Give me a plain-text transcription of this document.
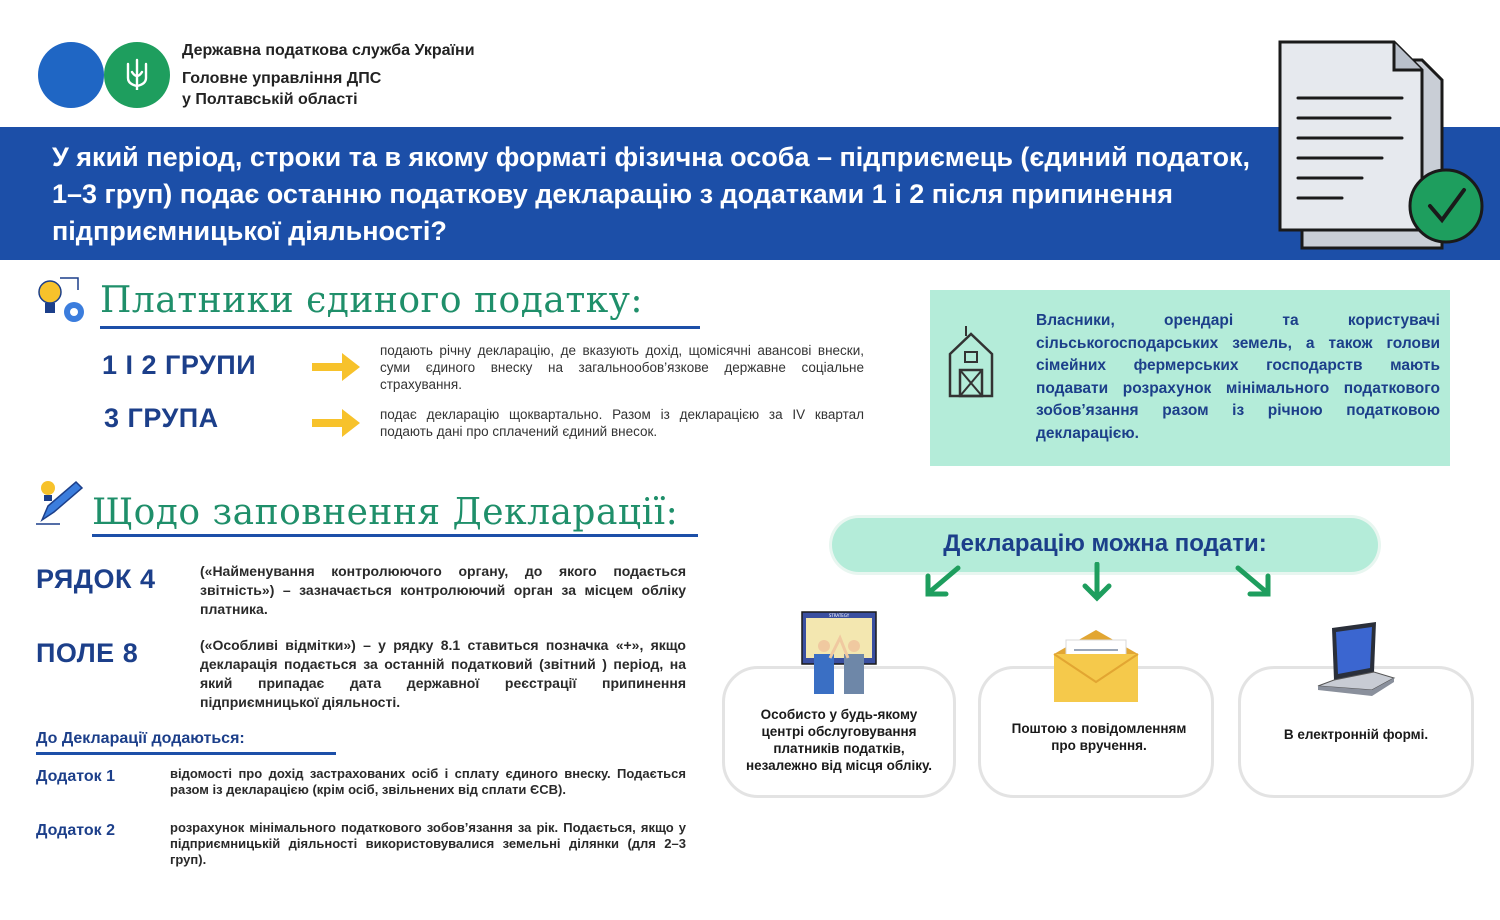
Державна податкова служба України
Головне управління ДПС
у Полтавській області
У який період, строки та в якому форматі фізична особа – підприємець (єдиний податок, 1–3 груп) подає останню податкову декларацію з додатками 1 і 2 після припинення підприємницької діяльності?
Платники єдиного податку:
1 І 2 ГРУПИ	подають річну декларацію, де вказують дохід, щомісячні авансові внески, суми єдиного внеску на загальнообов’язкове державне соціальне страхування.
3 ГРУПА	подає декларацію щоквартально. Разом із декларацією за IV квартал подають дані про сплачений єдиний внесок.
Власники, орендарі та користувачі сільськогосподарських земель, а також голови сімейних фермерських господарств мають подавати розрахунок мінімального податкового зобов’язання разом із річною податковою декларацією.
Щодо заповнення Декларації:
РЯДОК 4	(«Найменування контролюючого органу, до якого подається звітність») – зазначається контролюючий орган за місцем обліку платника.
ПОЛЕ 8	(«Особливі відмітки») – у рядку 8.1 ставиться позначка «+», якщо декларація подається за останній податковий (звітний ) період, на який припадає дата державної реєстрації припинення підприємницької діяльності.
До Декларації додаються:
Додаток 1	відомості про дохід застрахованих осіб і сплату єдиного внеску. Подається разом із декларацією (крім осіб, звільнених від сплати ЄСВ).
Додаток 2	розрахунок мінімального податкового зобов’язання за рік. Подається, якщо у підприємницькій діяльності використовувалися земельні ділянки (для 2–3 груп).
Декларацію можна подати:
STRATEGY
Особисто у будь-якому центрі обслуговування платників податків, незалежно від місця обліку.
Поштою з повідомленням про вручення.
В електронній формі.
